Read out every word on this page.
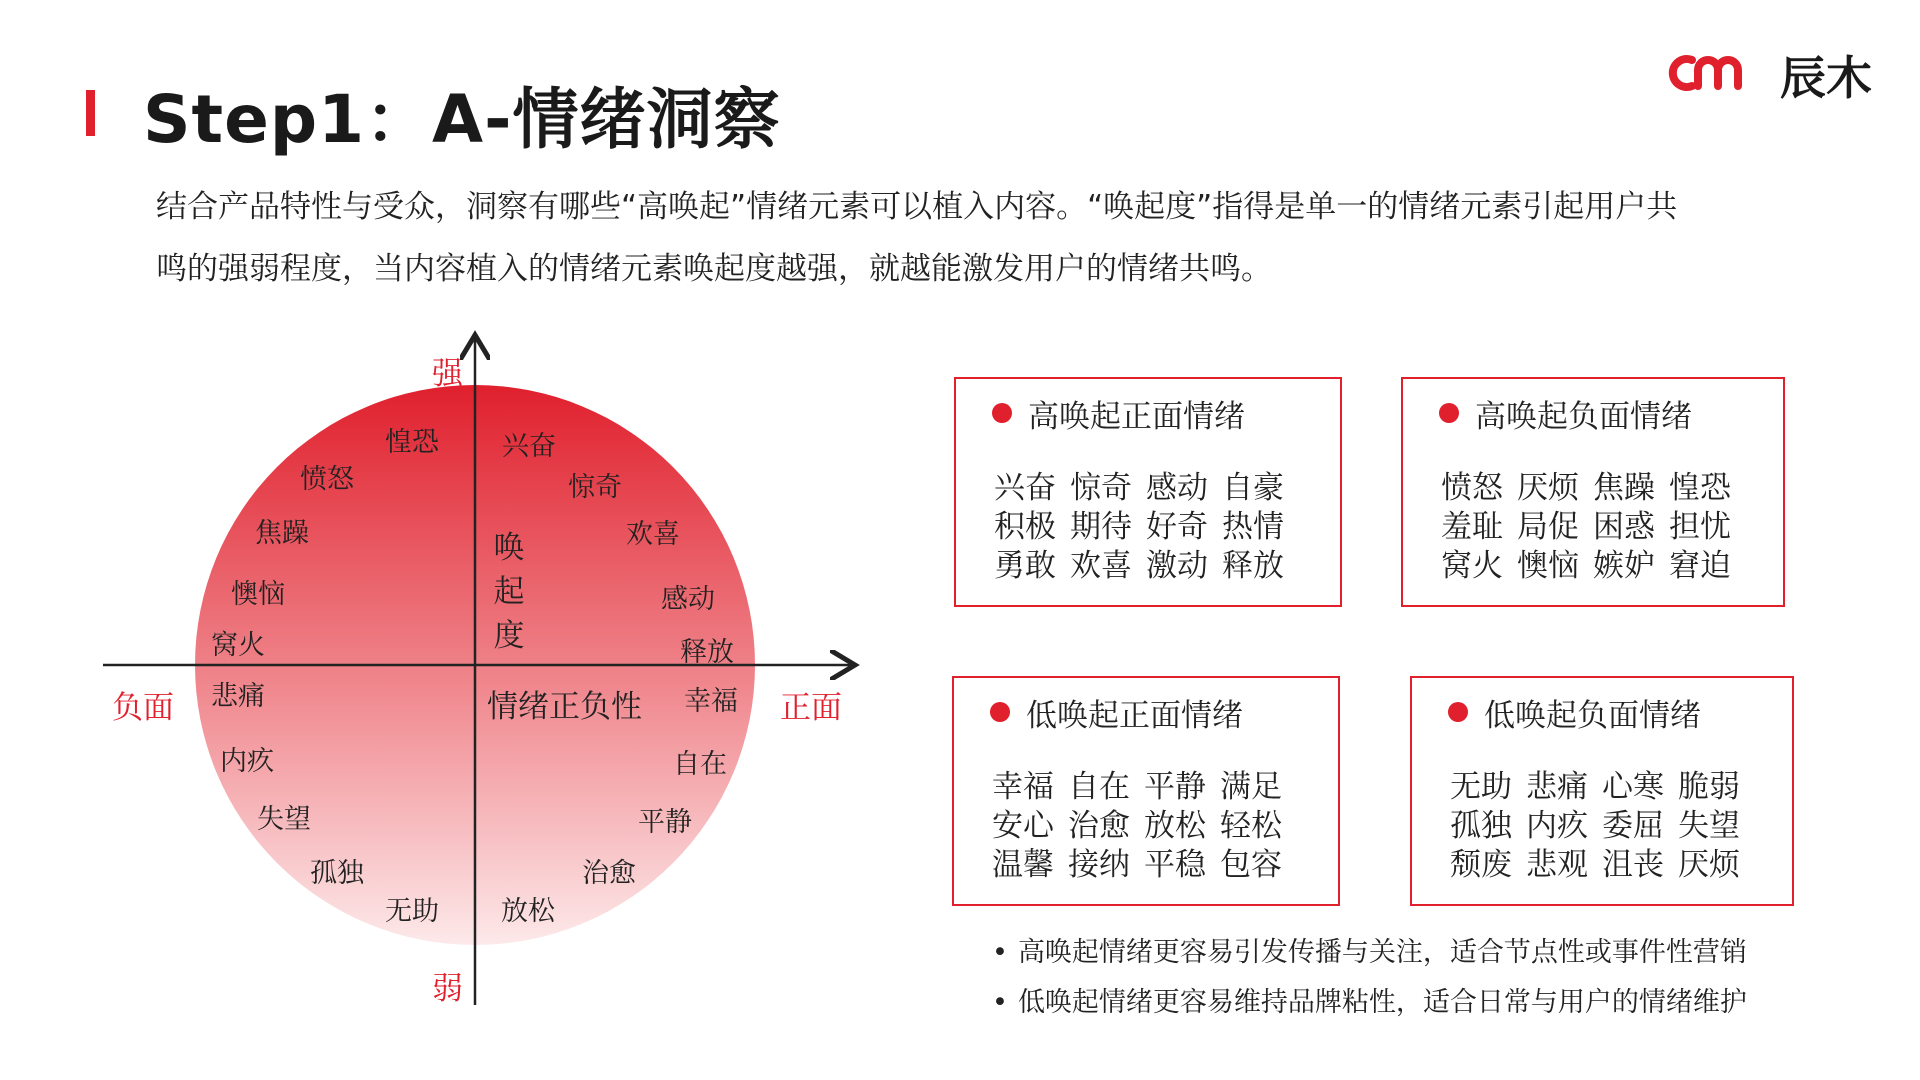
Step1：A-情绪洞察
辰木
结合产品特性与受众，洞察有哪些“高唤起”情绪元素可以植入内容。“唤起度”指得是单一的情绪元素引起用户共
鸣的强弱程度，当内容植入的情绪元素唤起度越强，就越能激发用户的情绪共鸣。
强
弱
负面	正面
唤起度
情绪正负性
惶恐
愤怒
焦躁
懊恼
窝火
悲痛
内疚
失望
孤独
无助
兴奋
惊奇
欢喜
感动
释放
幸福
自在
平静
治愈
放松
高唤起正面情绪
兴奋 惊奇 感动 自豪
积极 期待 好奇 热情
勇敢 欢喜 激动 释放
高唤起负面情绪
愤怒 厌烦 焦躁 惶恐
羞耻 局促 困惑 担忧
窝火 懊恼 嫉妒 窘迫
低唤起正面情绪
幸福 自在 平静 满足
安心 治愈 放松 轻松
温馨 接纳 平稳 包容
低唤起负面情绪
无助 悲痛 心寒 脆弱
孤独 内疚 委屈 失望
颓废 悲观 沮丧 厌烦
• 高唤起情绪更容易引发传播与关注，适合节点性或事件性营销
• 低唤起情绪更容易维持品牌粘性，适合日常与用户的情绪维护
